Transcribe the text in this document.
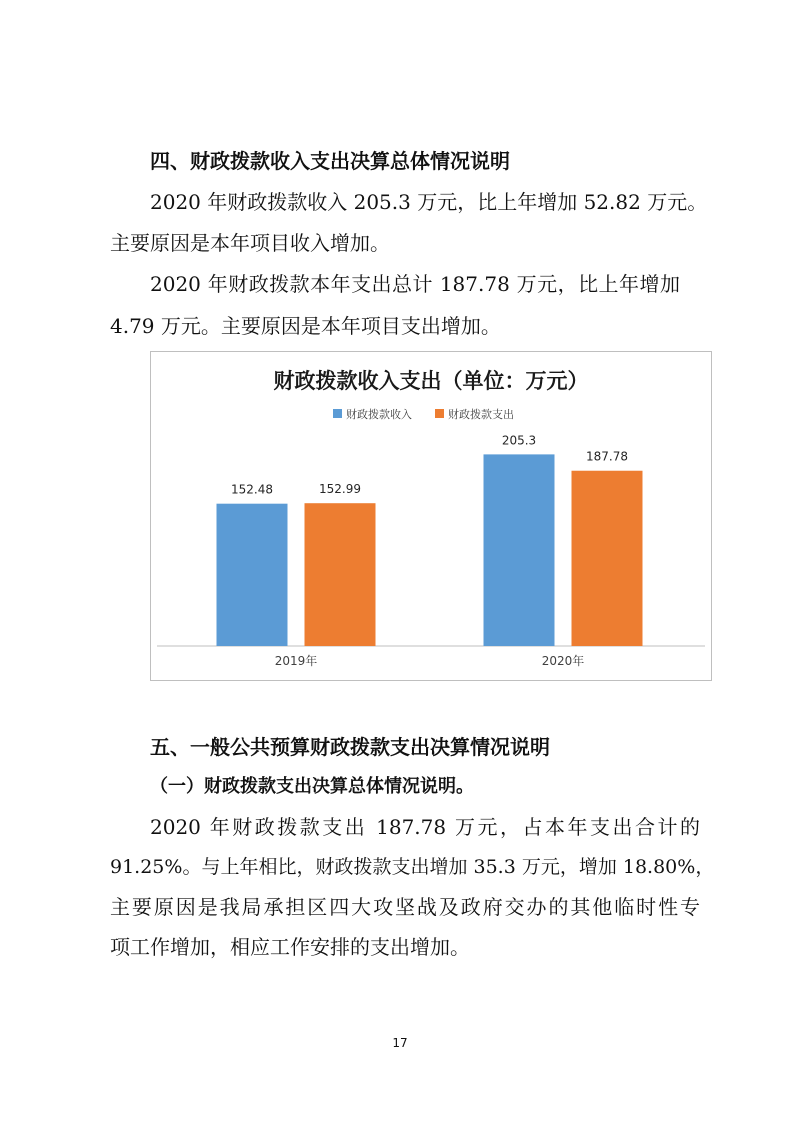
四、财政拨款收入支出决算总体情况说明
2020 年财政拨款收入 205.3 万元，比上年增加 52.82 万元。
主要原因是本年项目收入增加。
2020 年财政拨款本年支出总计 187.78 万元，比上年增加
4.79 万元。主要原因是本年项目支出增加。
财政拨款收入支出（单位：万元）
财政拨款收入	财政拨款支出
152.48	152.99
2019年
205.3
187.78
2020年
五、一般公共预算财政拨款支出决算情况说明
（一）财政拨款支出决算总体情况说明。
2020 年财政拨款支出 187.78 万元，占本年支出合计的
91.25%。与上年相比，财政拨款支出增加 35.3 万元，增加 18.80%，
主要原因是我局承担区四大攻坚战及政府交办的其他临时性专
项工作增加，相应工作安排的支出增加。
17
